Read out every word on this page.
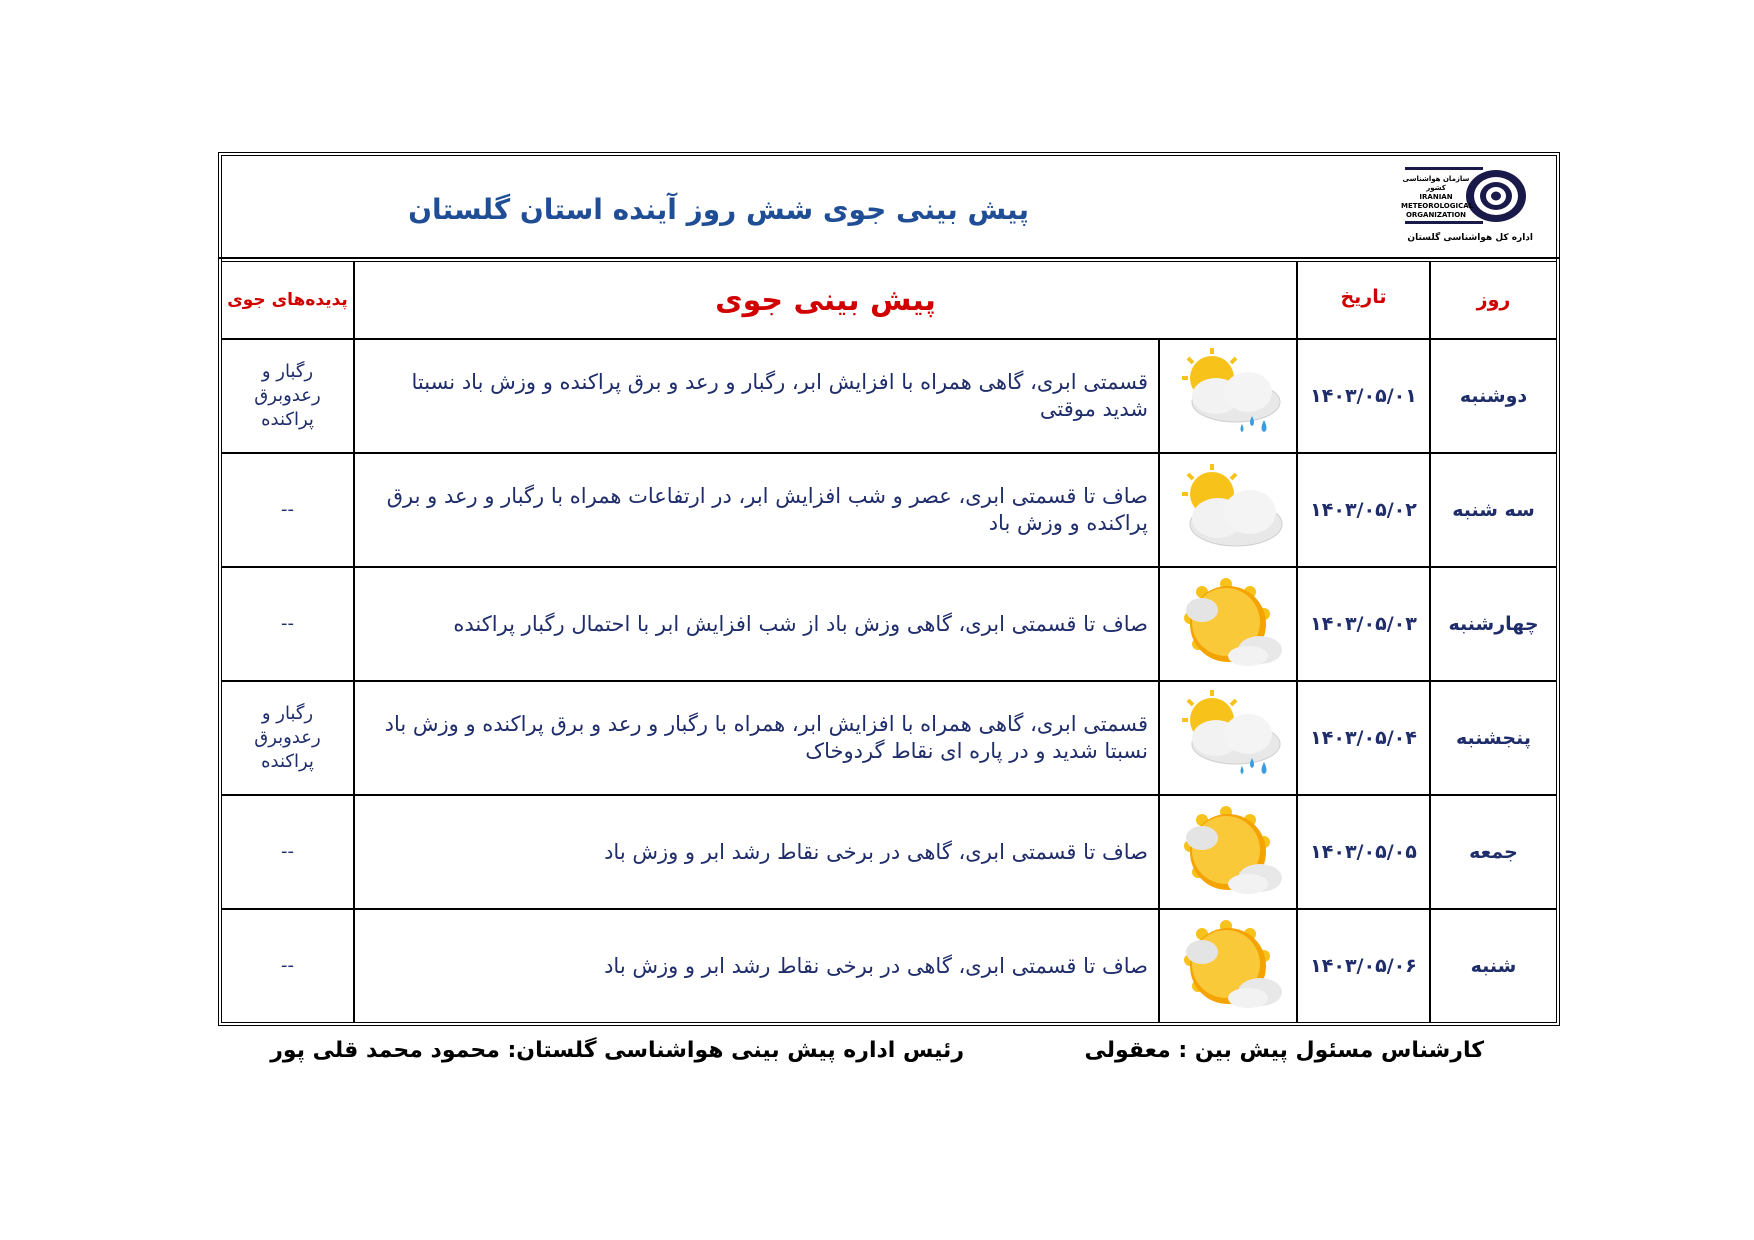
پیش بینی جوی شش روز آینده استان گلستان
سازمان هواشناسی کشور
IRANIAN
METEOROLOGICAL
ORGANIZATION
اداره کل هواشناسی گلستان
پدیده‌های جوی	پیش بینی جوی		تاریخ	روز
رگبار و رعدوبرق پراکنده	قسمتی ابری، گاهی همراه با افزایش ابر، رگبار و رعد و برق پراکنده و وزش باد نسبتا شدید موقتی		۱۴۰۳/۰۵/۰۱	دوشنبه
--	صاف تا قسمتی ابری، عصر و شب افزایش ابر، در ارتفاعات همراه با رگبار و رعد و برق پراکنده و وزش باد		۱۴۰۳/۰۵/۰۲	سه شنبه
--	صاف تا قسمتی ابری، گاهی وزش باد از شب افزایش ابر با احتمال رگبار پراکنده		۱۴۰۳/۰۵/۰۳	چهارشنبه
رگبار و رعدوبرق پراکنده	قسمتی ابری، گاهی همراه با افزایش ابر، همراه با رگبار و رعد و برق پراکنده و وزش باد نسبتا شدید و در پاره ای نقاط گردوخاک		۱۴۰۳/۰۵/۰۴	پنجشنبه
--	صاف تا قسمتی ابری، گاهی در برخی نقاط رشد ابر و وزش باد		۱۴۰۳/۰۵/۰۵	جمعه
--	صاف تا قسمتی ابری، گاهی در برخی نقاط رشد ابر و وزش باد		۱۴۰۳/۰۵/۰۶	شنبه
کارشناس مسئول پیش بین : معقولی
رئیس اداره پیش بینی هواشناسی گلستان: محمود محمد قلی پور
